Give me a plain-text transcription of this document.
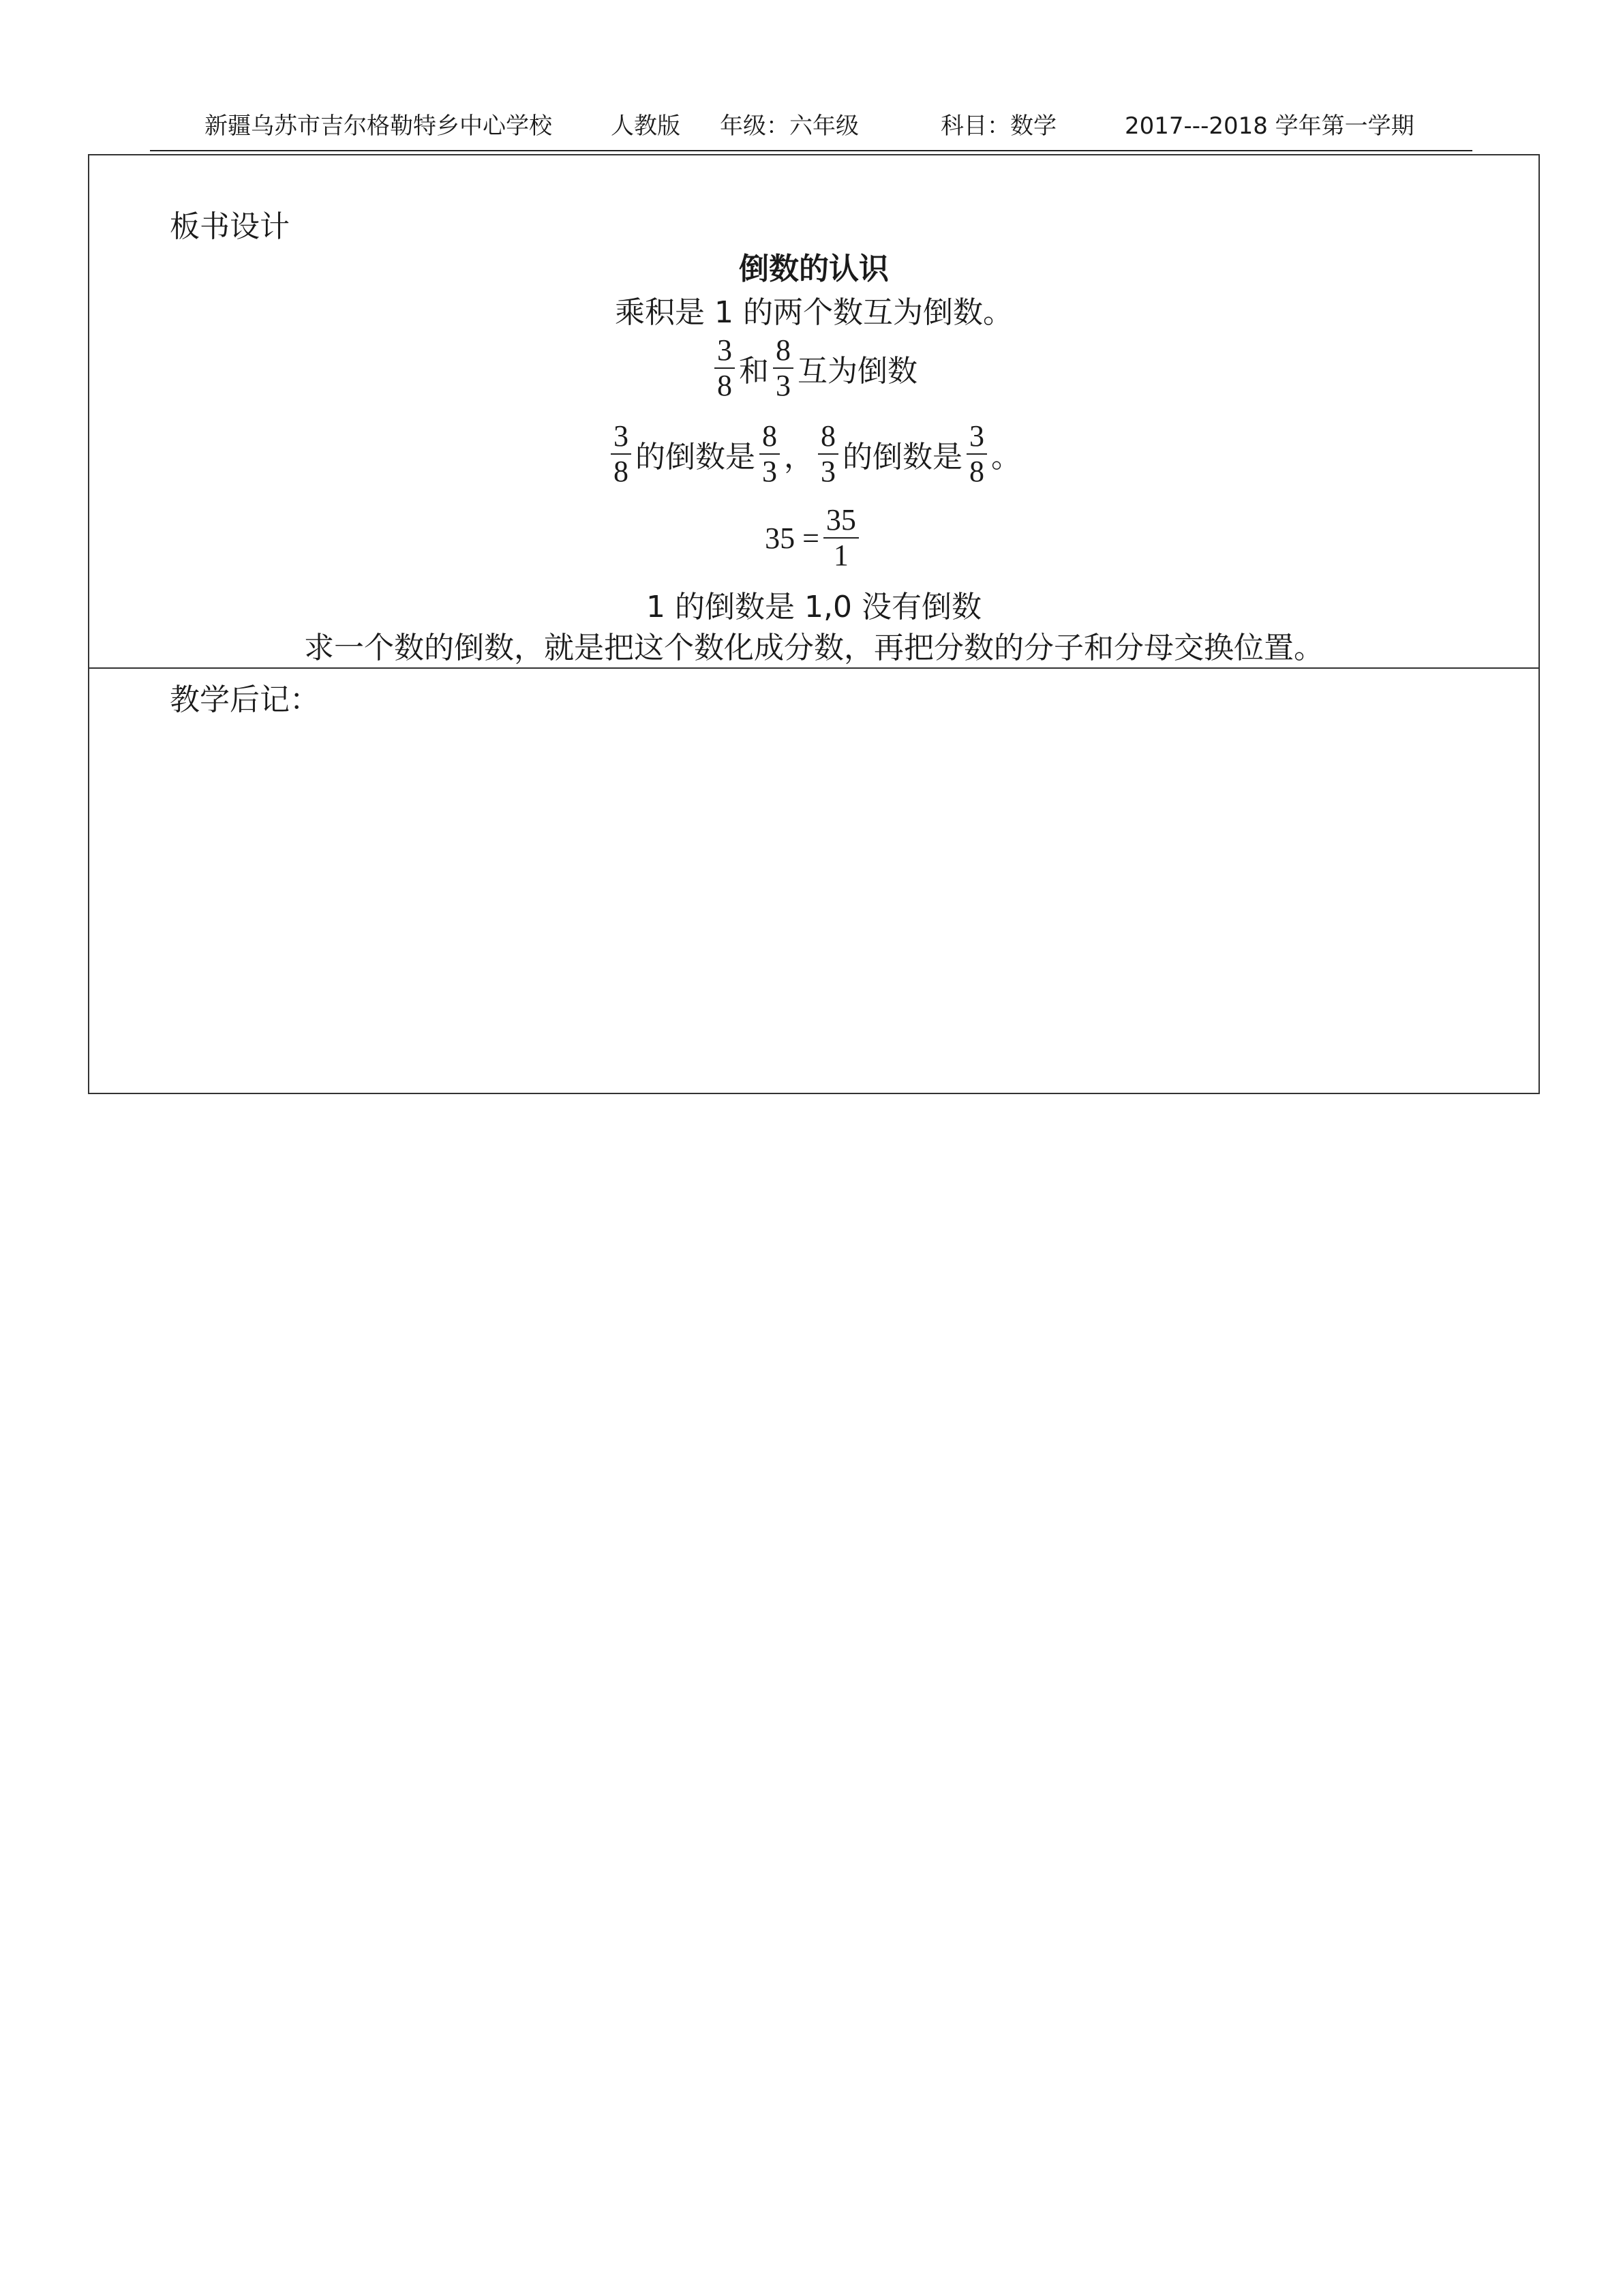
新疆乌苏市吉尔格勒特乡中心学校	人教版 年级：六年级	科目：数学	2017---2018 学年第一学期
板书设计
倒数的认识
乘积是 1 的两个数互为倒数。
$\frac{3}{8}$ 和 $\frac{8}{3}$ 互为倒数
$\frac{3}{8}$ 的倒数是 $\frac{8}{3}$ ， $\frac{8}{3}$ 的倒数是 $\frac{3}{8}$ 。
$35 = \frac{35}{1}$
1 的倒数是 1,0 没有倒数
求一个数的倒数，就是把这个数化成分数，再把分数的分子和分母交换位置。
教学后记：
